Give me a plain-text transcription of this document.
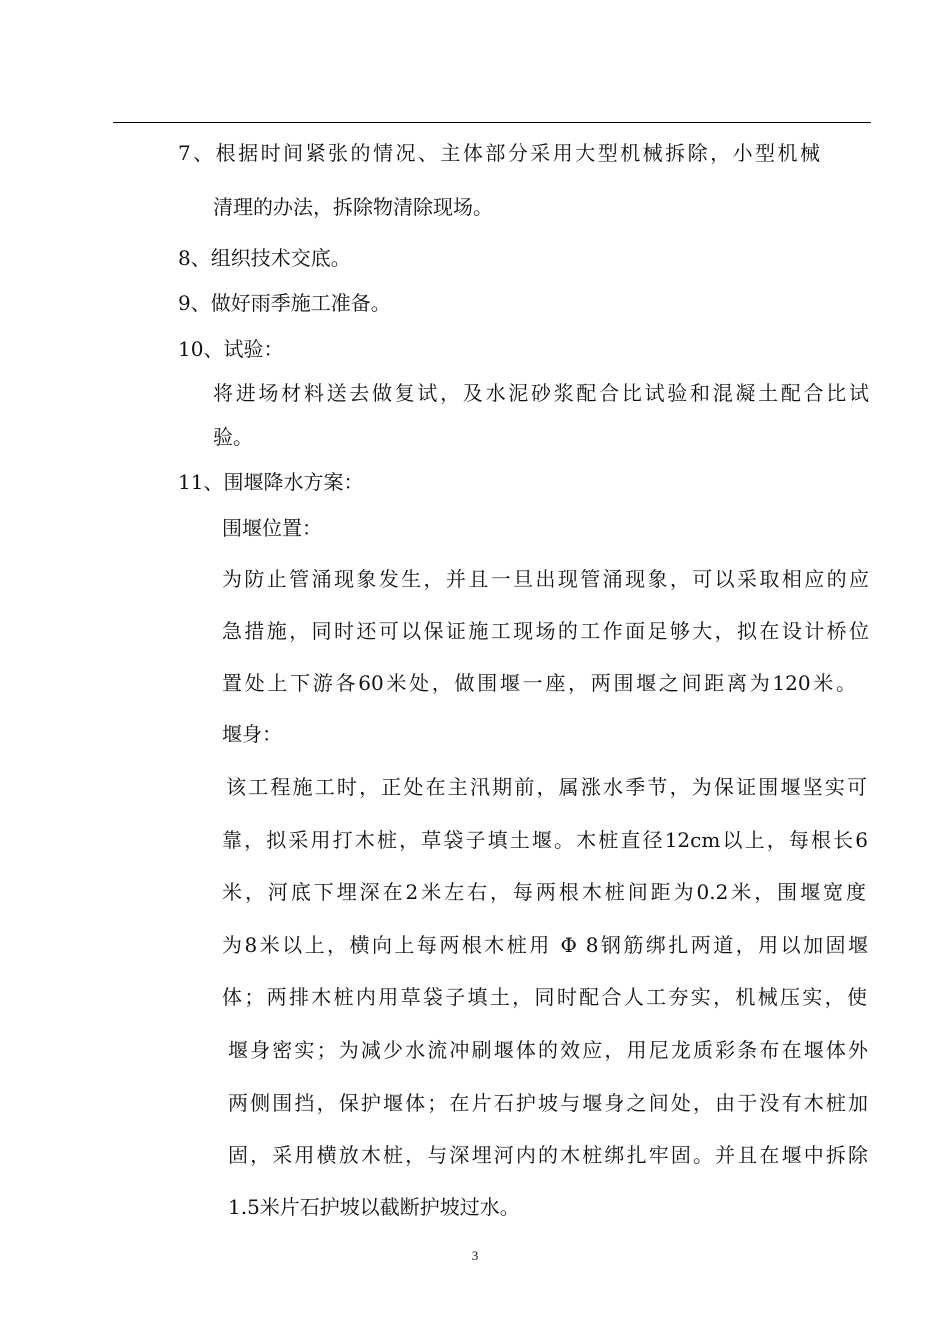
7、根据时间紧张的情况、主体部分采用大型机械拆除，小型机械
清理的办法，拆除物清除现场。
8、组织技术交底。
9、做好雨季施工准备。
10、试验：
将进场材料送去做复试，及水泥砂浆配合比试验和混凝土配合比试
验。
11、围堰降水方案：
围堰位置：
为防止管涌现象发生，并且一旦出现管涌现象，可以采取相应的应
急措施，同时还可以保证施工现场的工作面足够大，拟在设计桥位
置处上下游各60米处，做围堰一座，两围堰之间距离为120米。
堰身：
该工程施工时，正处在主汛期前，属涨水季节，为保证围堰坚实可
靠，拟采用打木桩，草袋子填土堰。木桩直径12cm以上，每根长6
米，河底下埋深在2米左右，每两根木桩间距为0.2米，围堰宽度
为8米以上，横向上每两根木桩用 Φ 8钢筋绑扎两道，用以加固堰
体；两排木桩内用草袋子填土，同时配合人工夯实，机械压实，使
堰身密实；为减少水流冲刷堰体的效应，用尼龙质彩条布在堰体外
两侧围挡，保护堰体；在片石护坡与堰身之间处，由于没有木桩加
固，采用横放木桩，与深埋河内的木桩绑扎牢固。并且在堰中拆除
1.5米片石护坡以截断护坡过水。
3
